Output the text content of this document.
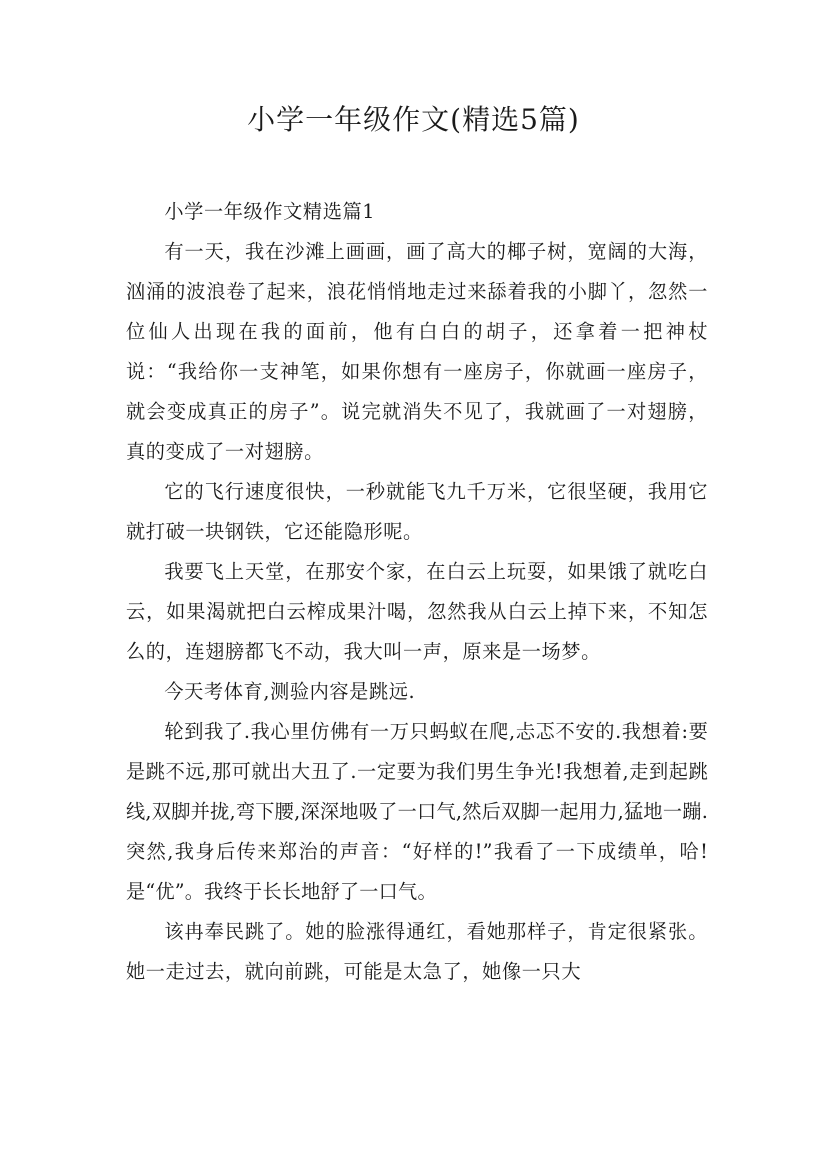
小学一年级作文(精选5篇)

小学一年级作文精选篇1

有一天，我在沙滩上画画，画了高大的椰子树，宽阔的大海，汹涌的波浪卷了起来，浪花悄悄地走过来舔着我的小脚丫，忽然一位仙人出现在我的面前，他有白白的胡子，还拿着一把神杖说：“我给你一支神笔，如果你想有一座房子，你就画一座房子，就会变成真正的房子”。说完就消失不见了，我就画了一对翅膀，真的变成了一对翅膀。

它的飞行速度很快，一秒就能飞九千万米，它很坚硬，我用它就打破一块钢铁，它还能隐形呢。

我要飞上天堂，在那安个家，在白云上玩耍，如果饿了就吃白云，如果渴就把白云榨成果汁喝，忽然我从白云上掉下来，不知怎么的，连翅膀都飞不动，我大叫一声，原来是一场梦。

今天考体育,测验内容是跳远.

轮到我了.我心里仿佛有一万只蚂蚁在爬,忐忑不安的.我想着:要是跳不远,那可就出大丑了.一定要为我们男生争光!我想着,走到起跳线,双脚并拢,弯下腰,深深地吸了一口气,然后双脚一起用力,猛地一蹦.突然,我身后传来郑治的声音：“好样的!”我看了一下成绩单，哈!是“优”。我终于长长地舒了一口气。

该冉奉民跳了。她的脸涨得通红，看她那样子，肯定很紧张。她一走过去，就向前跳，可能是太急了，她像一只大
